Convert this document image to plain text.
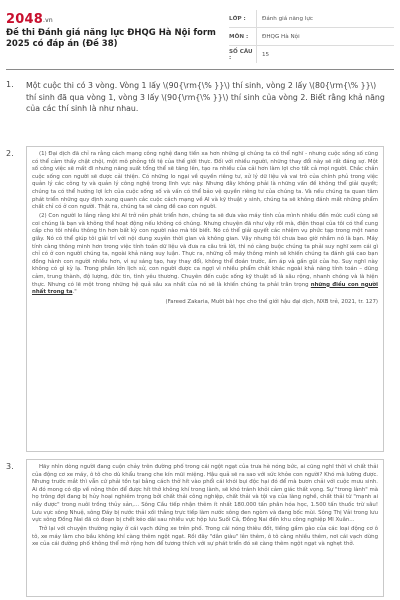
$2048^{.vn}$
Đề thi Đánh giá năng lực ĐHQG Hà Nội form 2025 có đáp án (Đề 38)
LỚP :	Đánh giá năng lực
MÔN :	ĐHQG Hà Nội
SỐ CÂU :	15
1.	Một cuộc thi có 3 vòng. Vòng 1 lấy \(90{\rm{\% }}\) thí sinh, vòng 2 lấy \(80{\rm{\% }}\) thí sinh đã qua vòng 1, vòng 3 lấy \(90{\rm{\% }}\) thí sinh của vòng 2. Biết rằng khả năng của các thí sinh là như nhau.
2.	(1) Đại dịch đã chỉ ra rằng cách mạng công nghệ đang tiến xa hơn những gì chúng ta có thể nghĩ - nhưng cuộc sống số cũng có thể cảm thấy chật chội, một mô phỏng tồi tệ của thế giới thực. Đối với nhiều người, những thay đổi này sẽ rất đáng sợ. Một số công việc sẽ mất đi nhưng năng suất tổng thể sẽ tăng lên, tạo ra nhiều của cải hơn làm lợi cho tất cả mọi người. Chắc chắn cuộc sống con người sẽ được cải thiện. Có những lo ngại về quyền riêng tư, xử lý dữ liệu và vai trò của chính phủ trong việc quản lý các công ty và quản lý công nghệ trong lĩnh vực này. Nhưng đây không phải là những vấn đề không thể giải quyết; chúng ta có thể hướng lợi ích của cuộc sống số và vấn có thể bảo vệ quyền riêng tư của chúng ta. Và nếu chúng ta quan tâm phát triển những quy định xung quanh các cuộc cách mạng về AI và kỹ thuật y sinh, chúng ta sẽ không đánh mất những phẩm chất chỉ có ở con người. Thật ra, chúng ta sẽ càng đề cao con người.

(2) Con người lo lắng rằng khi AI trở nên phát triển hơn, chúng ta sẽ đưa vào máy tính của mình nhiều đến mức cuối cùng sẽ coi chúng là bạn và không thể hoạt động nếu không có chúng. Nhưng chuyện đã như vậy rồi mà, điện thoại của tôi có thể cung cấp cho tôi nhiều thông tin hơn bất kỳ con người nào mà tôi biết. Nó có thể giải quyết các nhiệm vụ phức tạp trong một nano giây. Nó có thể giúp tôi giải trí với nội dung xuyên thời gian và không gian. Vậy nhưng tôi chưa bao giờ nhầm nó là bạn. Máy tính càng thông minh hơn trong việc tính toán dữ liệu và đưa ra câu trả lời, thì nó càng buộc chúng ta phải suy nghĩ xem cái gì chỉ có ở con người chúng ta, ngoài khả năng suy luận. Thực ra, những cỗ máy thông minh sẽ khiến chúng ta đánh giá cao bạn đồng hành con người nhiều hơn, vì sự sáng tạo, hay thay đổi, không thể đoán trước, ấm áp và gần gũi của họ. Suy nghĩ này không có gì kỳ lạ. Trong phần lớn lịch sử, con người được ca ngợi vì nhiều phẩm chất khác ngoài khả năng tính toán – dũng cảm, trung thành, độ lượng, đức tin, tình yêu thương. Chuyên đến cuộc sống kỹ thuật số là sâu rộng, nhanh chóng và là hiện thực. Nhưng có lẽ một trong những hệ quả sâu xa nhất của nó sẽ là khiến chúng ta phải trân trọng những điều con người nhất trong ta."

(Fareed Zakaria, Mười bài học cho thế giới hậu đại dịch, NXB trẻ, 2021, tr. 127)
3.	Hãy nhìn dòng người đang cuộn chảy trên đường phố trong cái ngột ngạt của trưa hè nóng bức, ai cũng nghĩ thời vì chất thải của động cơ xe máy, ô tô cho dù khẩu trang che kín mũi miệng. Hậu quả sẽ ra sao với sức khỏe con người? Khó mà lường được. Nhưng trước mắt thì vẫn cứ phải tồn tại bằng cách thở hít vào phổi cái khói bụi độc hại đó để mà bươn chải với cuộc mưu sinh. Ai đó mong có dịp về nông thôn để được hít thở không khí trong lành, sẽ khó tránh khỏi cảm giác thất vọng. Sự "trong lành" mà họ trông đợi đang bị hủy hoại nghiêm trọng bởi chất thải công nghiệp, chất thải và tội vạ của làng nghề, chất thải từ "mạnh ai nấy được" trong nuôi trồng thủy sản,... Sông Cầu tiếp nhận thêm ít nhất 180.000 tấn phân hóa học, 1.500 tấn thuốc trừ sâu! Lưu vực sông Nhuệ, sông Đáy bị nước thải xối thẳng trực tiếp làm nước sông đen ngòm và đang bốc mùi. Sông Thị Vải trong lưu vực sông Đồng Nai đã có đoạn bị chết kéo dài sau nhiều vực hộp lưu Suối Cả, Đồng Nai đến khu công nghiệp Mĩ Xuân...

Trở lại với chuyện thường ngày ở cái vạch đứng xe trên phố. Trong cái nóng thiêu đốt, tiếng gầm gào của các loại động cơ ô tô, xe máy làm cho bầu không khí càng thêm ngột ngạt. Rồi đây "dân giàu" lên thêm, ô tô càng nhiều thêm, nơi cái vạch dừng xe của cái đường phố không thể mở rộng hơn để tương thích với sự phát triển đó sẽ càng thêm ngột ngạt và nghẹt thở.
